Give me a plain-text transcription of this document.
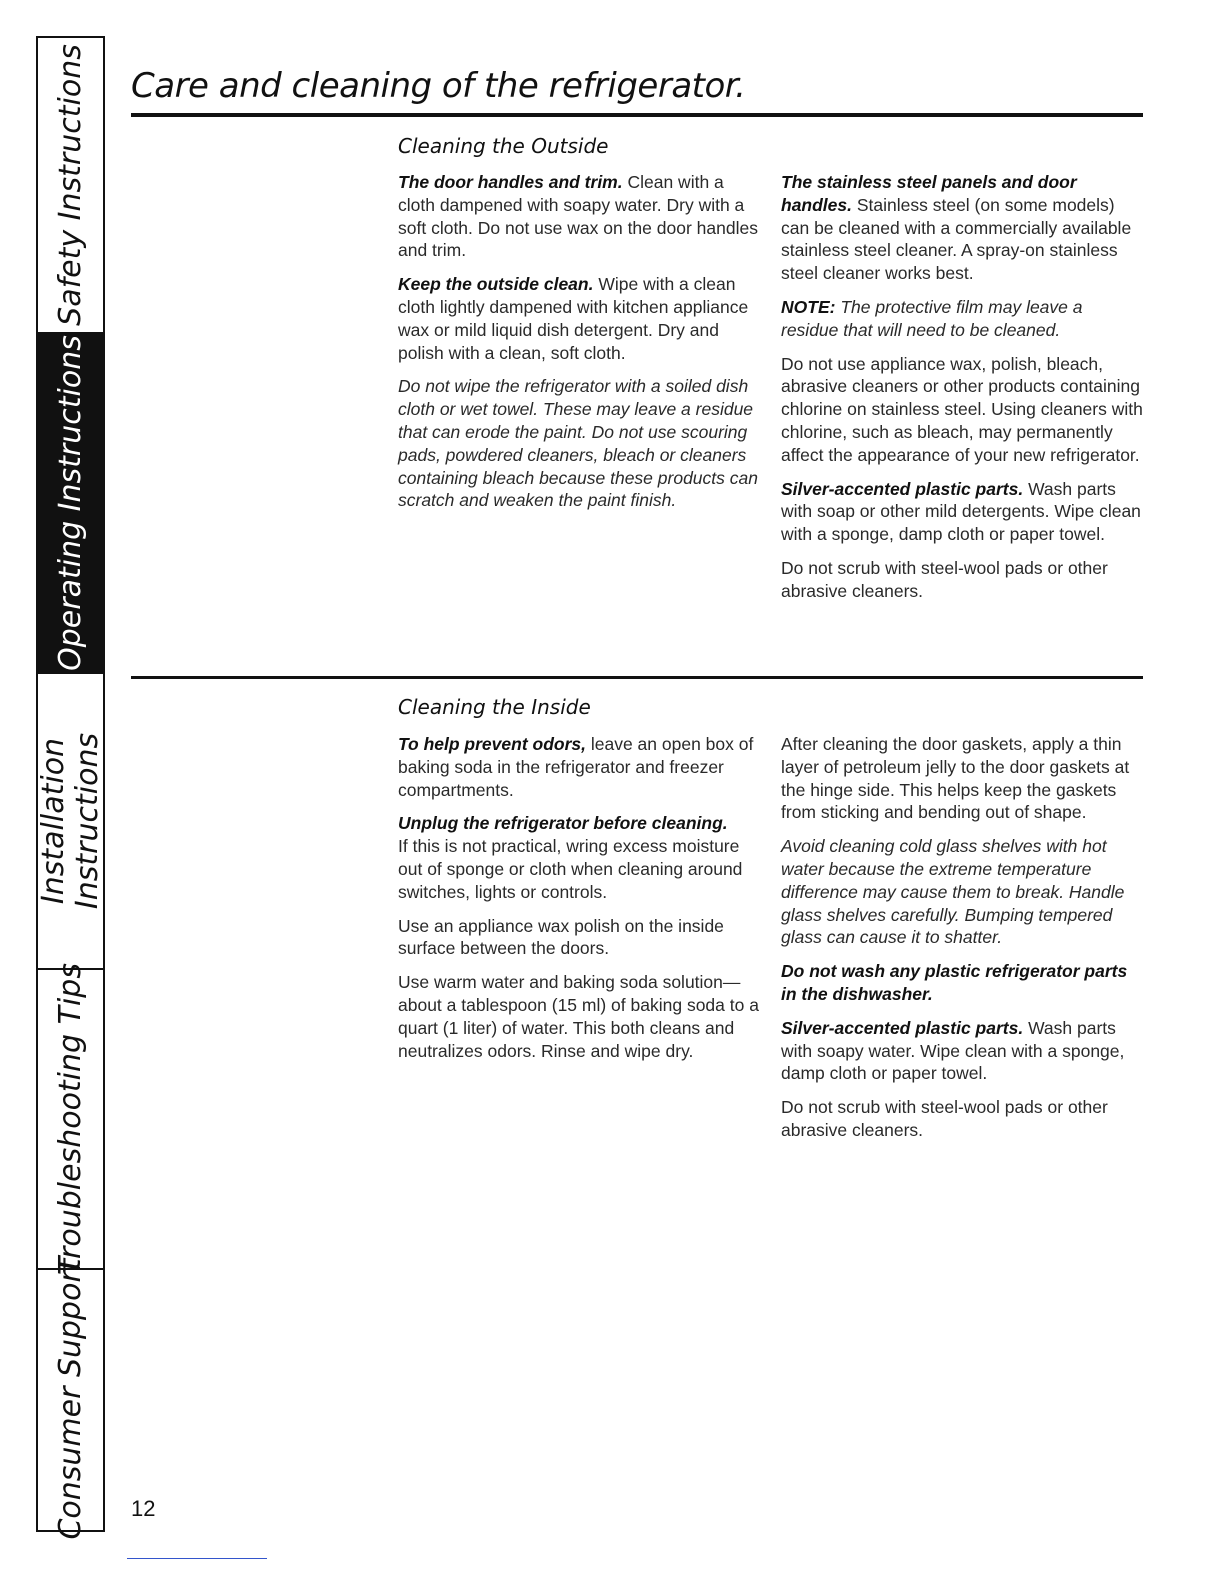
Safety Instructions
Operating Instructions
Installation Instructions
Troubleshooting Tips
Consumer Support
Care and cleaning of the refrigerator.
Cleaning the Outside

The door handles and trim. Clean with a cloth dampened with soapy water. Dry with a soft cloth. Do not use wax on the door handles and trim.

Keep the outside clean. Wipe with a clean cloth lightly dampened with kitchen appliance wax or mild liquid dish detergent. Dry and polish with a clean, soft cloth.

Do not wipe the refrigerator with a soiled dish cloth or wet towel. These may leave a residue that can erode the paint. Do not use scouring pads, powdered cleaners, bleach or cleaners containing bleach because these products can scratch and weaken the paint finish.

The stainless steel panels and door handles. Stainless steel (on some models) can be cleaned with a commercially available stainless steel cleaner. A spray-on stainless steel cleaner works best.

NOTE: The protective film may leave a residue that will need to be cleaned.

Do not use appliance wax, polish, bleach, abrasive cleaners or other products containing chlorine on stainless steel. Using cleaners with chlorine, such as bleach, may permanently affect the appearance of your new refrigerator.

Silver-accented plastic parts. Wash parts with soap or other mild detergents. Wipe clean with a sponge, damp cloth or paper towel.

Do not scrub with steel-wool pads or other abrasive cleaners.

Cleaning the Inside

To help prevent odors, leave an open box of baking soda in the refrigerator and freezer compartments.

Unplug the refrigerator before cleaning.
If this is not practical, wring excess moisture out of sponge or cloth when cleaning around switches, lights or controls.

Use an appliance wax polish on the inside surface between the doors.

Use warm water and baking soda solution—about a tablespoon (15 ml) of baking soda to a quart (1 liter) of water. This both cleans and neutralizes odors. Rinse and wipe dry.

After cleaning the door gaskets, apply a thin layer of petroleum jelly to the door gaskets at the hinge side. This helps keep the gaskets from sticking and bending out of shape.

Avoid cleaning cold glass shelves with hot water because the extreme temperature difference may cause them to break. Handle glass shelves carefully. Bumping tempered glass can cause it to shatter.

Do not wash any plastic refrigerator parts in the dishwasher.

Silver-accented plastic parts. Wash parts with soapy water. Wipe clean with a sponge, damp cloth or paper towel.

Do not scrub with steel-wool pads or other abrasive cleaners.

12
